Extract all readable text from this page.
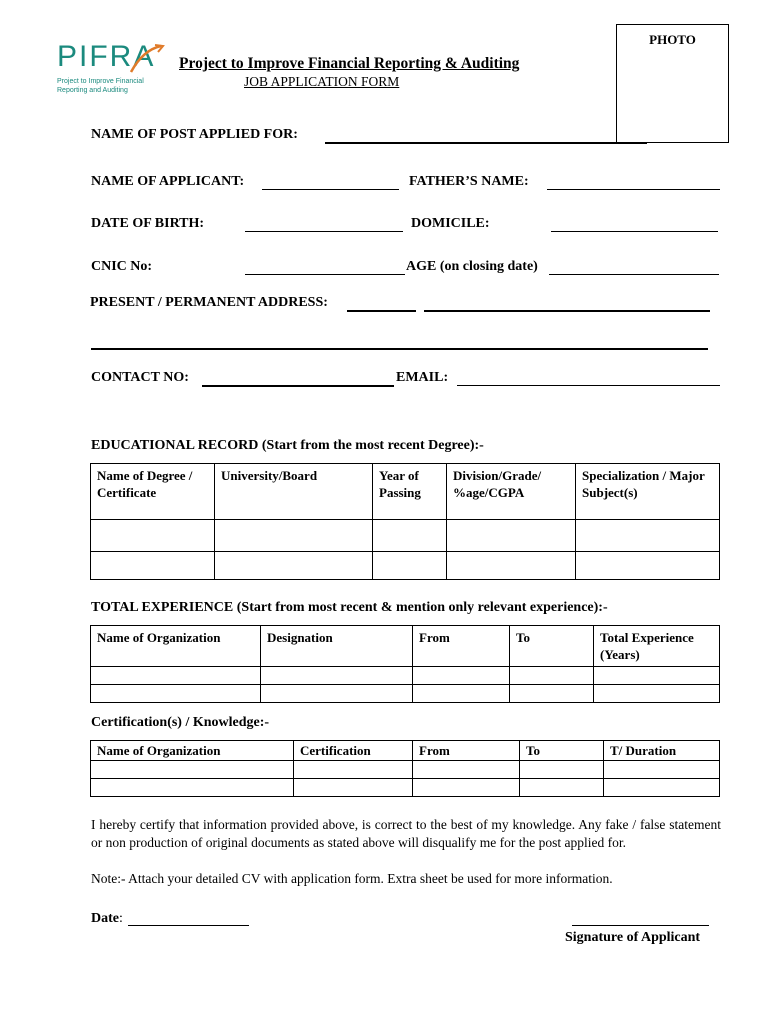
PIFRA
Project to Improve Financial
Reporting and Auditing
Project to Improve Financial Reporting & Auditing
JOB APPLICATION FORM
PHOTO
NAME OF POST APPLIED FOR:
NAME OF APPLICANT:	FATHER’S NAME:
DATE OF BIRTH:	DOMICILE:
CNIC No:	AGE (on closing date)
PRESENT / PERMANENT ADDRESS:
CONTACT NO:	EMAIL:
EDUCATIONAL RECORD (Start from the most recent Degree):-
Name of Degree / Certificate	University/Board	Year of Passing	Division/Grade/ %age/CGPA	Specialization / Major Subject(s)

TOTAL EXPERIENCE (Start from most recent & mention only relevant experience):-
Name of Organization	Designation	From	To	Total Experience (Years)

Certification(s) / Knowledge:-
Name of Organization	Certification	From	To	T/ Duration

I hereby certify that information provided above, is correct to the best of my knowledge. Any fake / false statement or non production of original documents as stated above will disqualify me for the post applied for.
Note:- Attach your detailed CV with application form. Extra sheet be used for more information.
Date:
Signature of Applicant
